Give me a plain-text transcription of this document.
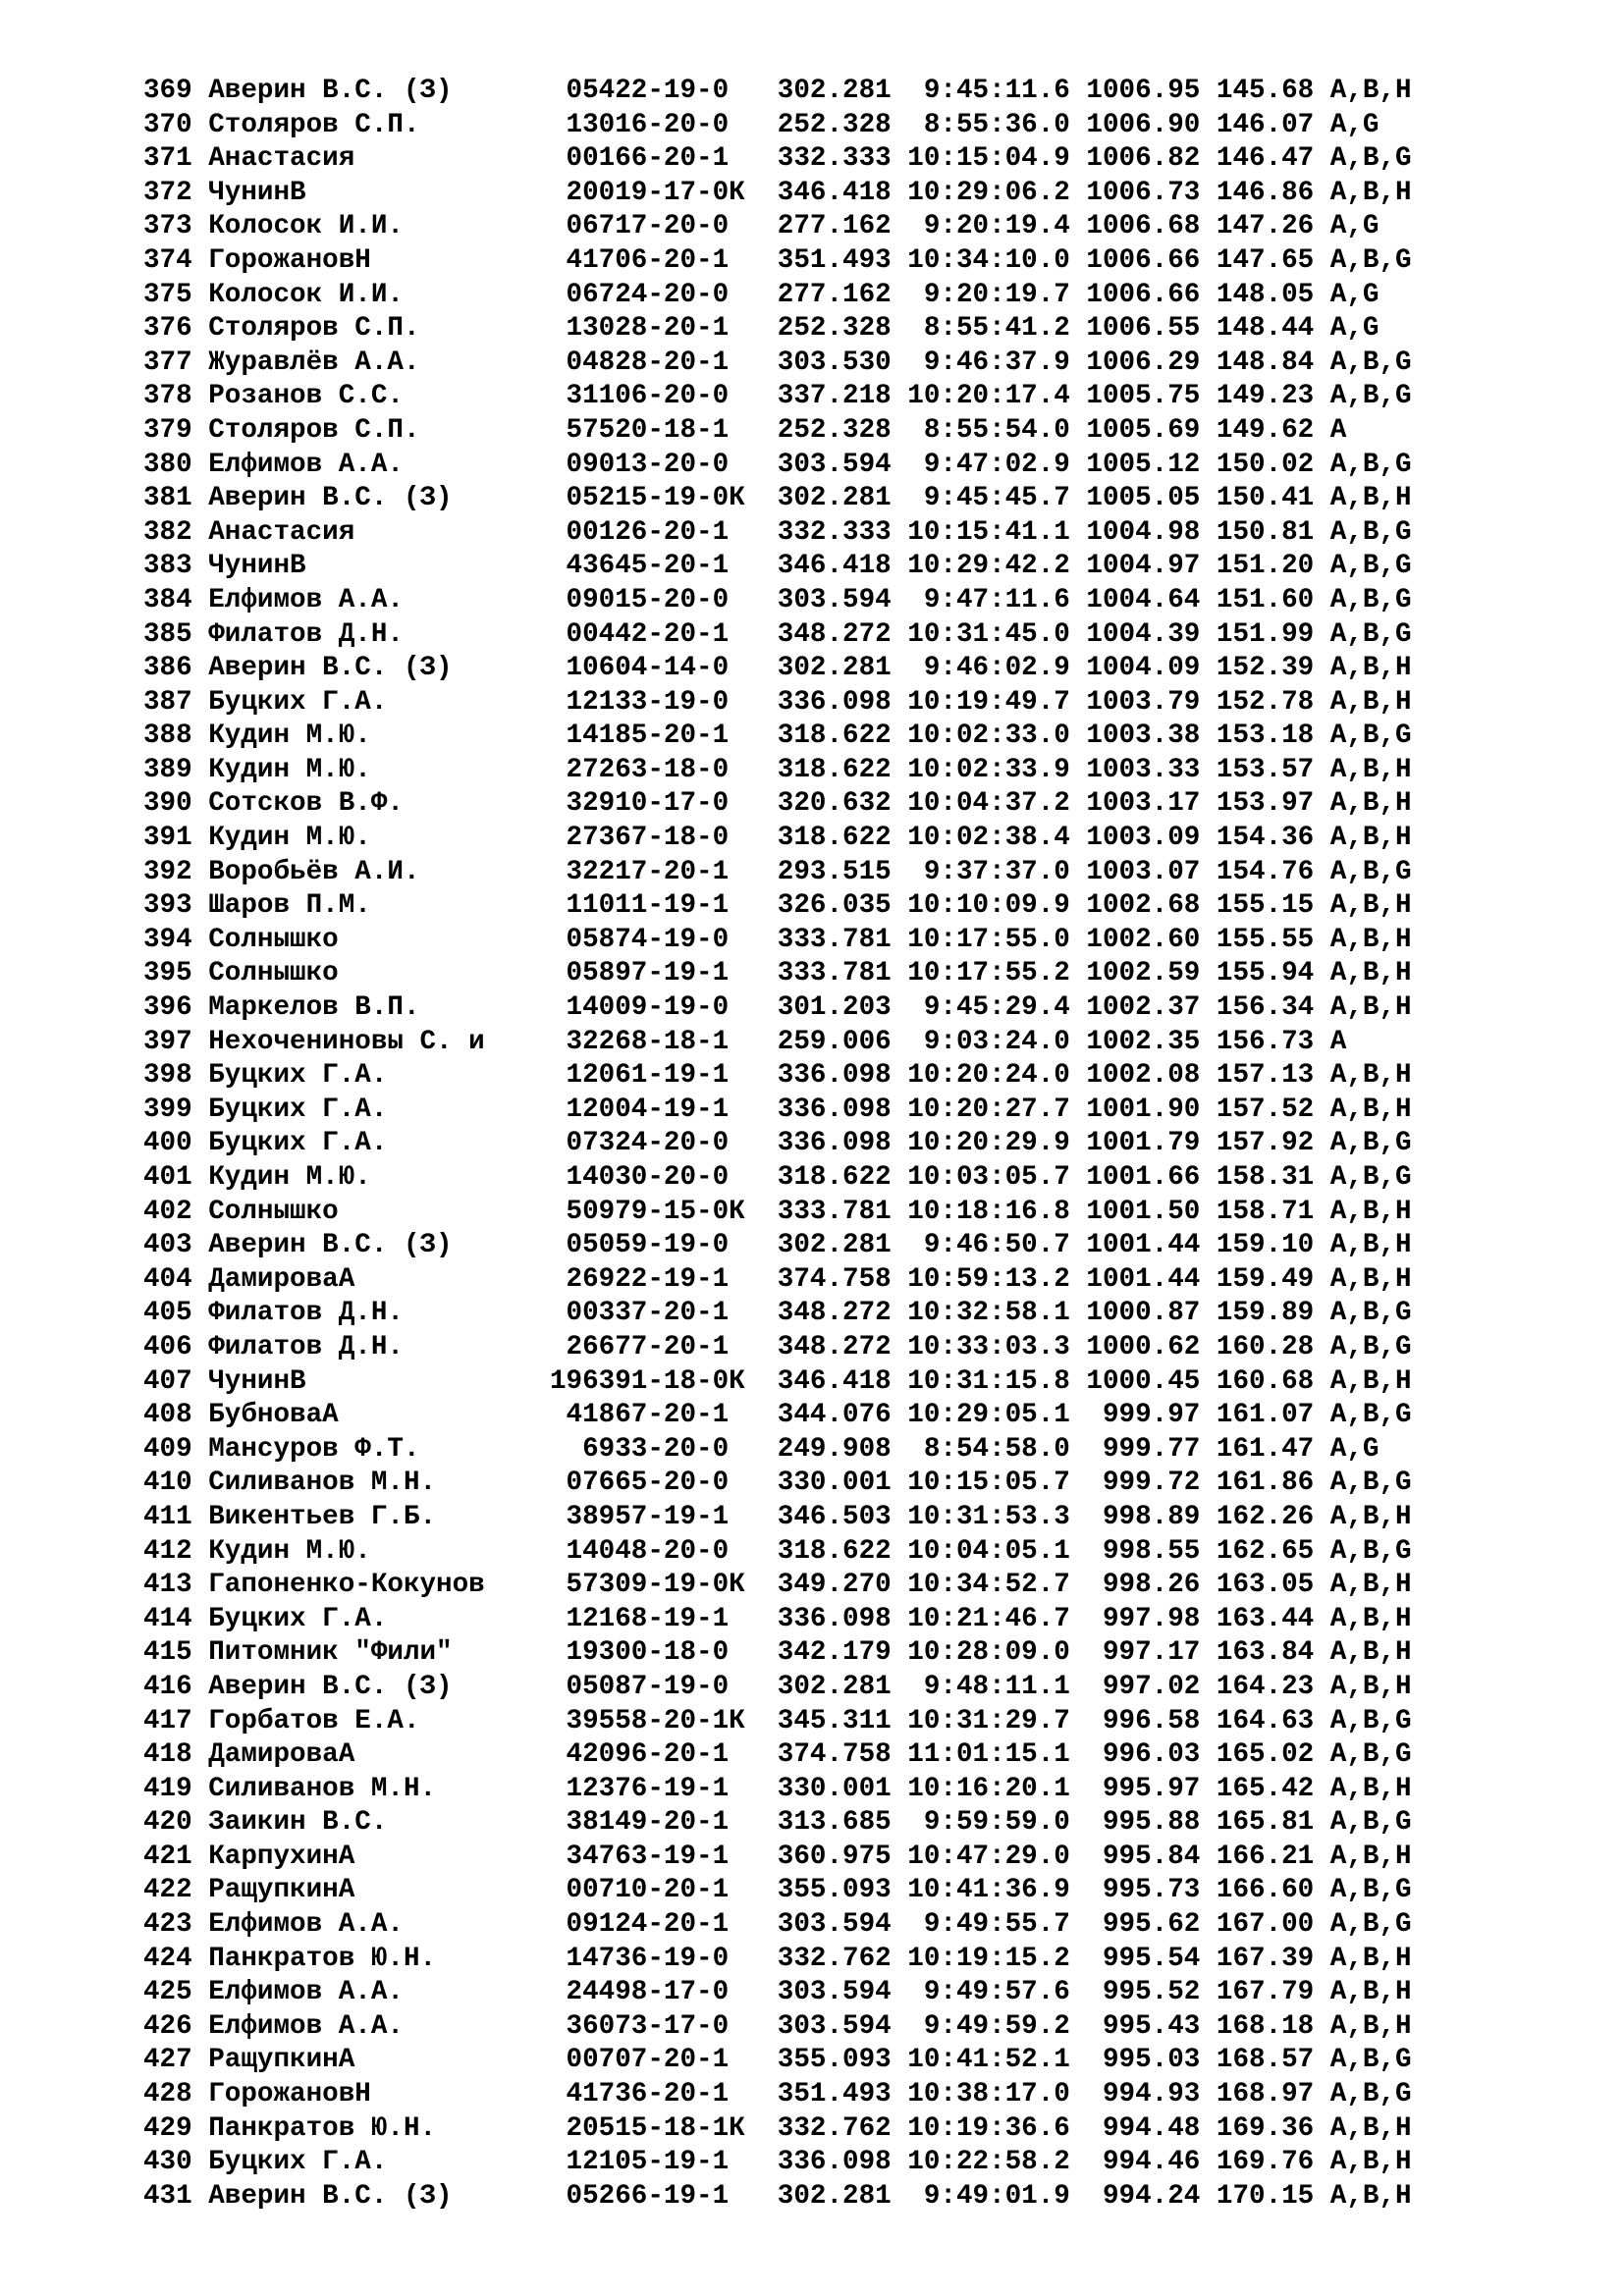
369 Аверин В.С. (З)       05422-19-0   302.281  9:45:11.6 1006.95 145.68 A,B,H
370 Столяров С.П.         13016-20-0   252.328  8:55:36.0 1006.90 146.07 A,G
371 Анастасия             00166-20-1   332.333 10:15:04.9 1006.82 146.47 A,B,G
372 ЧунинВ                20019-17-0К  346.418 10:29:06.2 1006.73 146.86 A,B,H
373 Колосок И.И.          06717-20-0   277.162  9:20:19.4 1006.68 147.26 A,G
374 ГорожановН            41706-20-1   351.493 10:34:10.0 1006.66 147.65 A,B,G
375 Колосок И.И.          06724-20-0   277.162  9:20:19.7 1006.66 148.05 A,G
376 Столяров С.П.         13028-20-1   252.328  8:55:41.2 1006.55 148.44 A,G
377 Журавлёв А.А.         04828-20-1   303.530  9:46:37.9 1006.29 148.84 A,B,G
378 Розанов С.С.          31106-20-0   337.218 10:20:17.4 1005.75 149.23 A,B,G
379 Столяров С.П.         57520-18-1   252.328  8:55:54.0 1005.69 149.62 A
380 Елфимов А.А.          09013-20-0   303.594  9:47:02.9 1005.12 150.02 A,B,G
381 Аверин В.С. (З)       05215-19-0К  302.281  9:45:45.7 1005.05 150.41 A,B,H
382 Анастасия             00126-20-1   332.333 10:15:41.1 1004.98 150.81 A,B,G
383 ЧунинВ                43645-20-1   346.418 10:29:42.2 1004.97 151.20 A,B,G
384 Елфимов А.А.          09015-20-0   303.594  9:47:11.6 1004.64 151.60 A,B,G
385 Филатов Д.Н.          00442-20-1   348.272 10:31:45.0 1004.39 151.99 A,B,G
386 Аверин В.С. (З)       10604-14-0   302.281  9:46:02.9 1004.09 152.39 A,B,H
387 Буцких Г.А.           12133-19-0   336.098 10:19:49.7 1003.79 152.78 A,B,H
388 Кудин М.Ю.            14185-20-1   318.622 10:02:33.0 1003.38 153.18 A,B,G
389 Кудин М.Ю.            27263-18-0   318.622 10:02:33.9 1003.33 153.57 A,B,H
390 Сотсков В.Ф.          32910-17-0   320.632 10:04:37.2 1003.17 153.97 A,B,H
391 Кудин М.Ю.            27367-18-0   318.622 10:02:38.4 1003.09 154.36 A,B,H
392 Воробьёв А.И.         32217-20-1   293.515  9:37:37.0 1003.07 154.76 A,B,G
393 Шаров П.М.            11011-19-1   326.035 10:10:09.9 1002.68 155.15 A,B,H
394 Солнышко              05874-19-0   333.781 10:17:55.0 1002.60 155.55 A,B,H
395 Солнышко              05897-19-1   333.781 10:17:55.2 1002.59 155.94 A,B,H
396 Маркелов В.П.         14009-19-0   301.203  9:45:29.4 1002.37 156.34 A,B,H
397 Нехочениновы С. и     32268-18-1   259.006  9:03:24.0 1002.35 156.73 A
398 Буцких Г.А.           12061-19-1   336.098 10:20:24.0 1002.08 157.13 A,B,H
399 Буцких Г.А.           12004-19-1   336.098 10:20:27.7 1001.90 157.52 A,B,H
400 Буцких Г.А.           07324-20-0   336.098 10:20:29.9 1001.79 157.92 A,B,G
401 Кудин М.Ю.            14030-20-0   318.622 10:03:05.7 1001.66 158.31 A,B,G
402 Солнышко              50979-15-0К  333.781 10:18:16.8 1001.50 158.71 A,B,H
403 Аверин В.С. (З)       05059-19-0   302.281  9:46:50.7 1001.44 159.10 A,B,H
404 ДамироваА             26922-19-1   374.758 10:59:13.2 1001.44 159.49 A,B,H
405 Филатов Д.Н.          00337-20-1   348.272 10:32:58.1 1000.87 159.89 A,B,G
406 Филатов Д.Н.          26677-20-1   348.272 10:33:03.3 1000.62 160.28 A,B,G
407 ЧунинВ               196391-18-0К  346.418 10:31:15.8 1000.45 160.68 A,B,H
408 БубноваА              41867-20-1   344.076 10:29:05.1  999.97 161.07 A,B,G
409 Мансуров Ф.Т.          6933-20-0   249.908  8:54:58.0  999.77 161.47 A,G
410 Силиванов М.Н.        07665-20-0   330.001 10:15:05.7  999.72 161.86 A,B,G
411 Викентьев Г.Б.        38957-19-1   346.503 10:31:53.3  998.89 162.26 A,B,H
412 Кудин М.Ю.            14048-20-0   318.622 10:04:05.1  998.55 162.65 A,B,G
413 Гапоненко-Кокунов     57309-19-0К  349.270 10:34:52.7  998.26 163.05 A,B,H
414 Буцких Г.А.           12168-19-1   336.098 10:21:46.7  997.98 163.44 A,B,H
415 Питомник "Фили"       19300-18-0   342.179 10:28:09.0  997.17 163.84 A,B,H
416 Аверин В.С. (З)       05087-19-0   302.281  9:48:11.1  997.02 164.23 A,B,H
417 Горбатов Е.А.         39558-20-1К  345.311 10:31:29.7  996.58 164.63 A,B,G
418 ДамироваА             42096-20-1   374.758 11:01:15.1  996.03 165.02 A,B,G
419 Силиванов М.Н.        12376-19-1   330.001 10:16:20.1  995.97 165.42 A,B,H
420 Заикин В.С.           38149-20-1   313.685  9:59:59.0  995.88 165.81 A,B,G
421 КарпухинА             34763-19-1   360.975 10:47:29.0  995.84 166.21 A,B,H
422 РащупкинА             00710-20-1   355.093 10:41:36.9  995.73 166.60 A,B,G
423 Елфимов А.А.          09124-20-1   303.594  9:49:55.7  995.62 167.00 A,B,G
424 Панкратов Ю.Н.        14736-19-0   332.762 10:19:15.2  995.54 167.39 A,B,H
425 Елфимов А.А.          24498-17-0   303.594  9:49:57.6  995.52 167.79 A,B,H
426 Елфимов А.А.          36073-17-0   303.594  9:49:59.2  995.43 168.18 A,B,H
427 РащупкинА             00707-20-1   355.093 10:41:52.1  995.03 168.57 A,B,G
428 ГорожановН            41736-20-1   351.493 10:38:17.0  994.93 168.97 A,B,G
429 Панкратов Ю.Н.        20515-18-1К  332.762 10:19:36.6  994.48 169.36 A,B,H
430 Буцких Г.А.           12105-19-1   336.098 10:22:58.2  994.46 169.76 A,B,H
431 Аверин В.С. (З)       05266-19-1   302.281  9:49:01.9  994.24 170.15 A,B,H
